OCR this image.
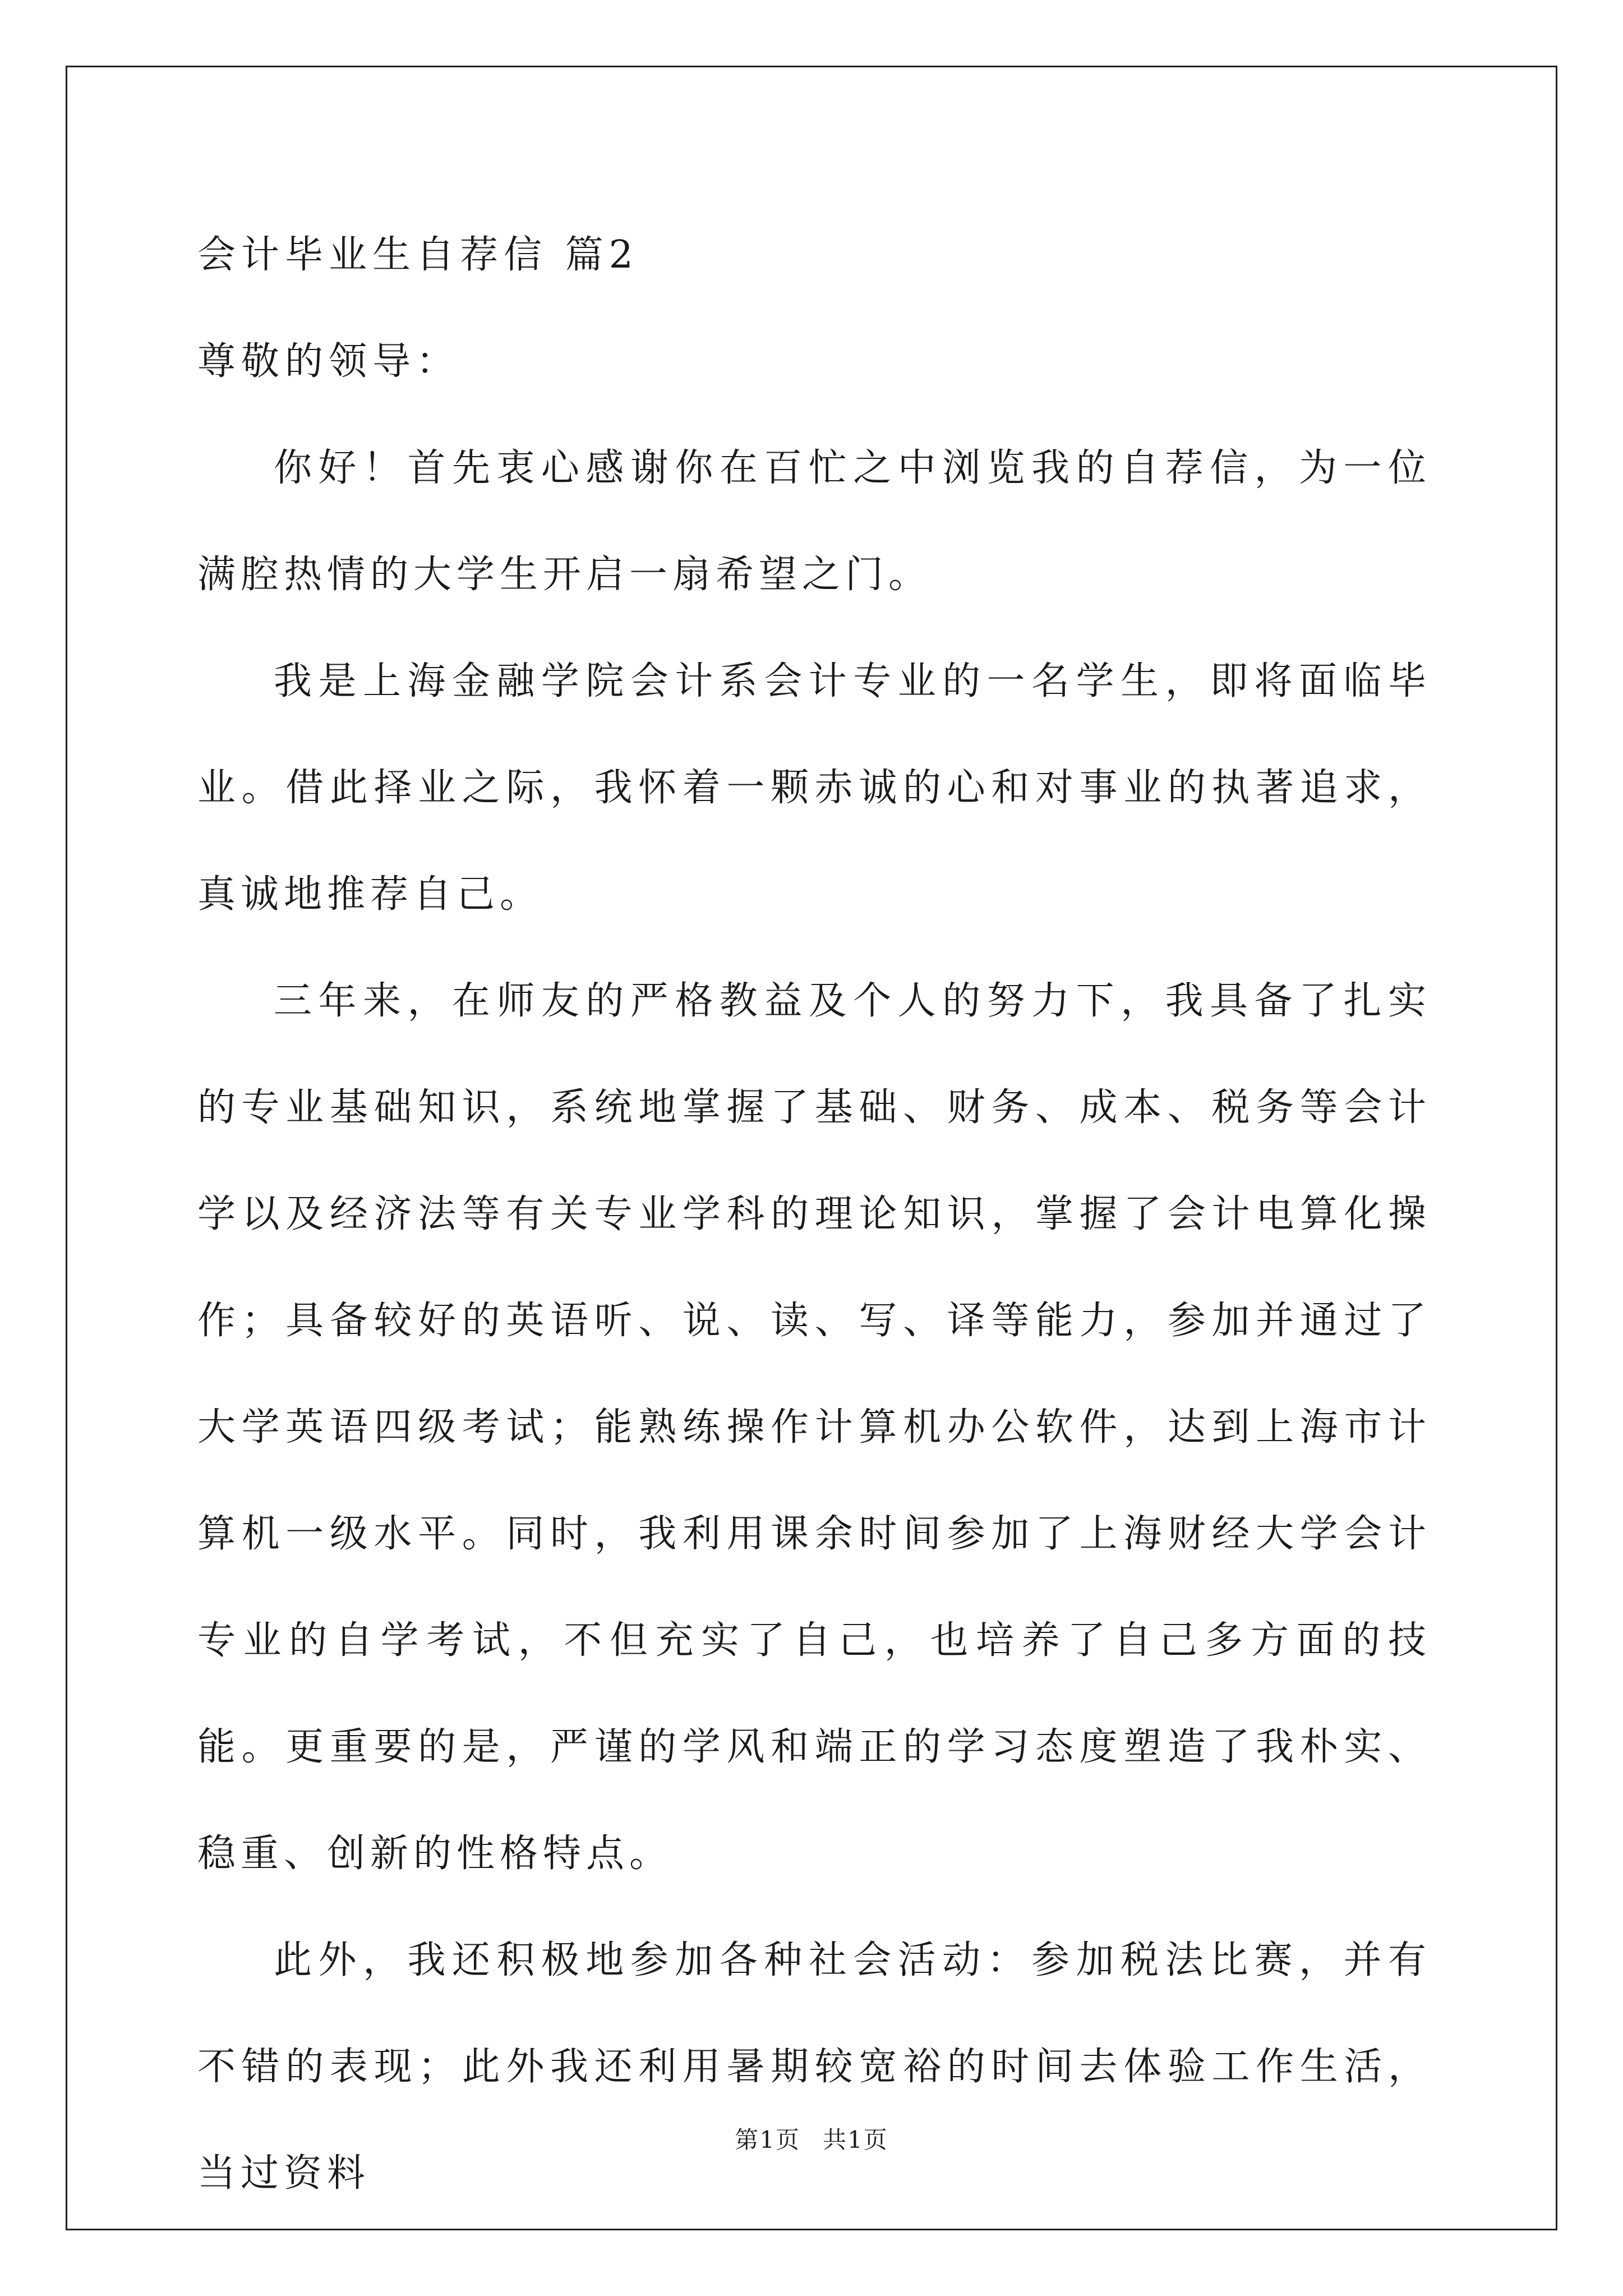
会计毕业生自荐信 篇2

尊敬的领导：

你好！首先衷心感谢你在百忙之中浏览我的自荐信，为一位满腔热情的大学生开启一扇希望之门。

我是上海金融学院会计系会计专业的一名学生，即将面临毕业。借此择业之际，我怀着一颗赤诚的心和对事业的执著追求，真诚地推荐自己。

三年来，在师友的严格教益及个人的努力下，我具备了扎实的专业基础知识，系统地掌握了基础、财务、成本、税务等会计学以及经济法等有关专业学科的理论知识，掌握了会计电算化操作；具备较好的英语听、说、读、写、译等能力，参加并通过了大学英语四级考试；能熟练操作计算机办公软件，达到上海市计算机一级水平。同时，我利用课余时间参加了上海财经大学会计专业的自学考试，不但充实了自己，也培养了自己多方面的技能。更重要的是，严谨的学风和端正的学习态度塑造了我朴实、稳重、创新的性格特点。

此外，我还积极地参加各种社会活动：参加税法比赛，并有不错的表现；此外我还利用暑期较宽裕的时间去体验工作生活，当过资料

第1页 共1页
